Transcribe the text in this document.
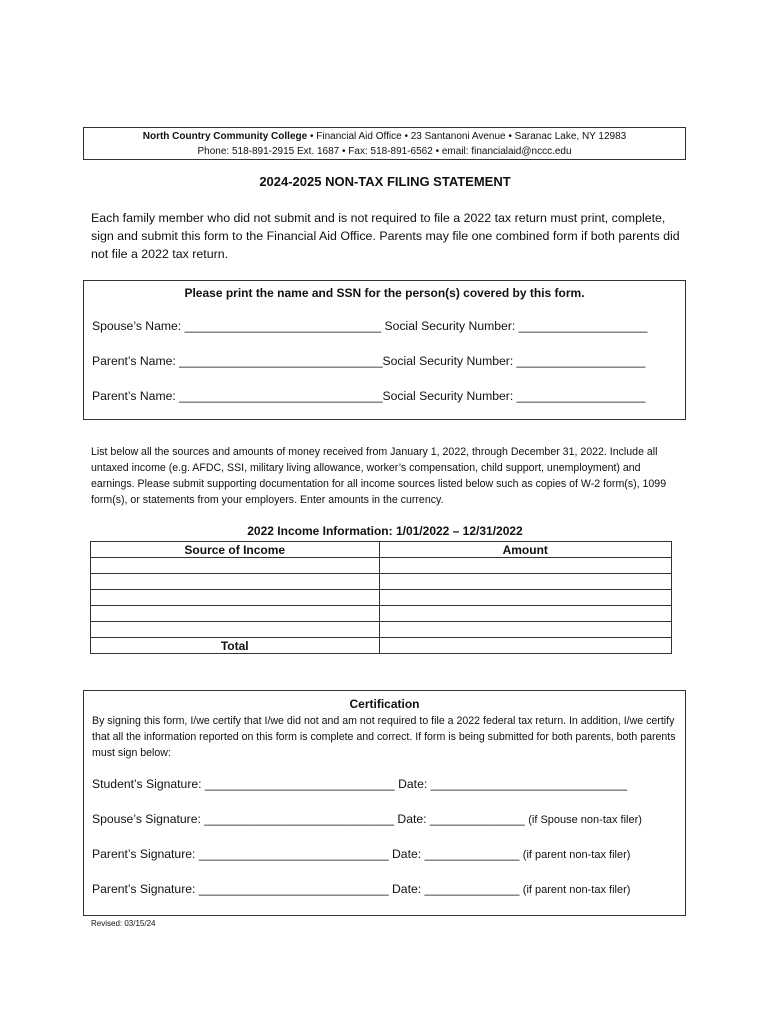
North Country Community College • Financial Aid Office • 23 Santanoni Avenue • Saranac Lake, NY 12983
Phone: 518-891-2915 Ext. 1687 • Fax: 518-891-6562 • email: financialaid@nccc.edu
2024-2025 NON-TAX FILING STATEMENT
Each family member who did not submit and is not required to file a 2022 tax return must print, complete, sign and submit this form to the Financial Aid Office. Parents may file one combined form if both parents did not file a 2022 tax return.
Please print the name and SSN for the person(s) covered by this form.
Spouse’s Name: _____________________________ Social Security Number: ___________________
Parent’s Name: ______________________________Social Security Number: ___________________
Parent’s Name: ______________________________Social Security Number: ___________________
List below all the sources and amounts of money received from January 1, 2022, through December 31, 2022. Include all untaxed income (e.g. AFDC, SSI, military living allowance, worker’s compensation, child support, unemployment) and earnings. Please submit supporting documentation for all income sources listed below such as copies of W-2 form(s), 1099 form(s), or statements from your employers. Enter amounts in the currency.
2022 Income Information: 1/01/2022 – 12/31/2022
Source of Income	Amount

Total	
Certification
By signing this form, I/we certify that I/we did not and am not required to file a 2022 federal tax return. In addition, I/we certify that all the information reported on this form is complete and correct. If form is being submitted for both parents, both parents must sign below:
Student’s Signature: ____________________________ Date: _____________________________
Spouse’s Signature: ____________________________ Date: ______________ (if Spouse non-tax filer)
Parent’s Signature: ____________________________ Date: ______________ (if parent non-tax filer)
Parent’s Signature: ____________________________ Date: ______________ (if parent non-tax filer)
Revised: 03/15/24
